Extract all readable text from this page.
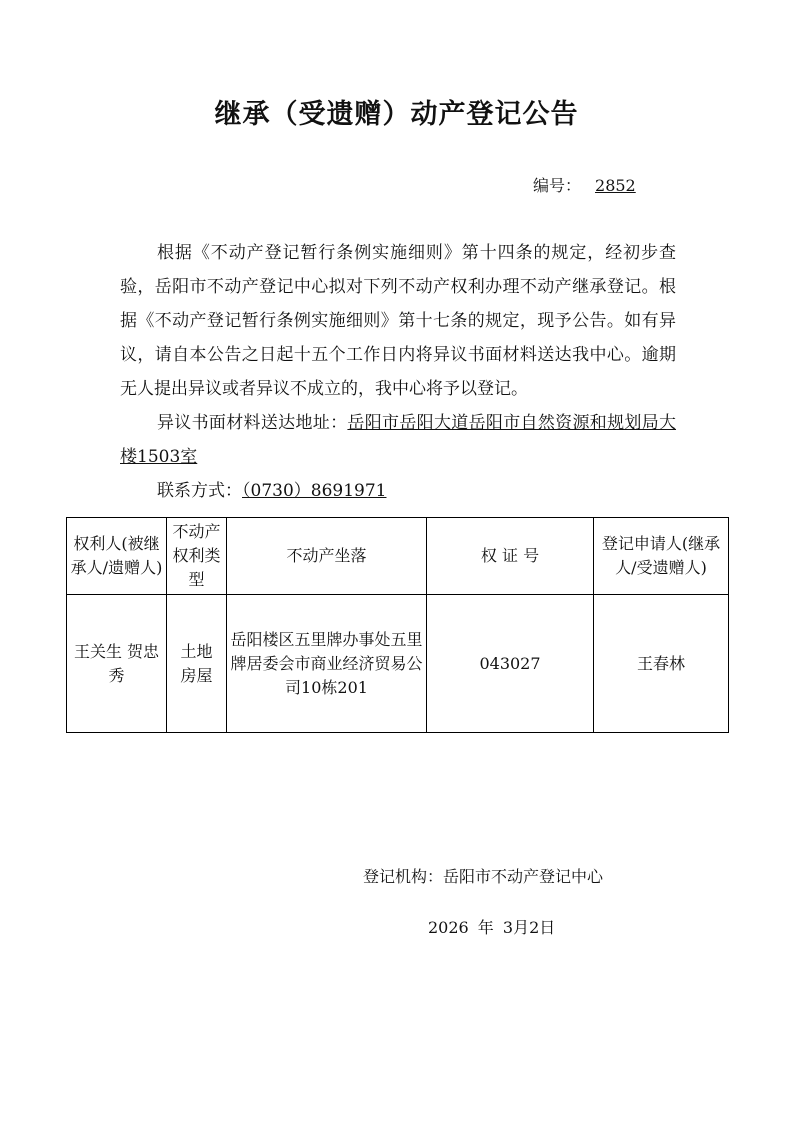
继承（受遗赠）动产登记公告
编号： 2852

根据《不动产登记暂行条例实施细则》第十四条的规定，经初步查验，岳阳市不动产登记中心拟对下列不动产权利办理不动产继承登记。根据《不动产登记暂行条例实施细则》第十七条的规定，现予公告。如有异议，请自本公告之日起十五个工作日内将异议书面材料送达我中心。逾期无人提出异议或者异议不成立的，我中心将予以登记。

异议书面材料送达地址：岳阳市岳阳大道岳阳市自然资源和规划局大楼1503室

联系方式：（0730）8691971

权利人(被继承人/遗赠人)	不动产权利类型	不动产坐落	权 证 号	登记申请人(继承人/受遗赠人)
王关生 贺忠秀	土地 房屋	岳阳楼区五里牌办事处五里牌居委会市商业经济贸易公司10栋201	043027	王春林
登记机构：岳阳市不动产登记中心
2026 年 3月2日
